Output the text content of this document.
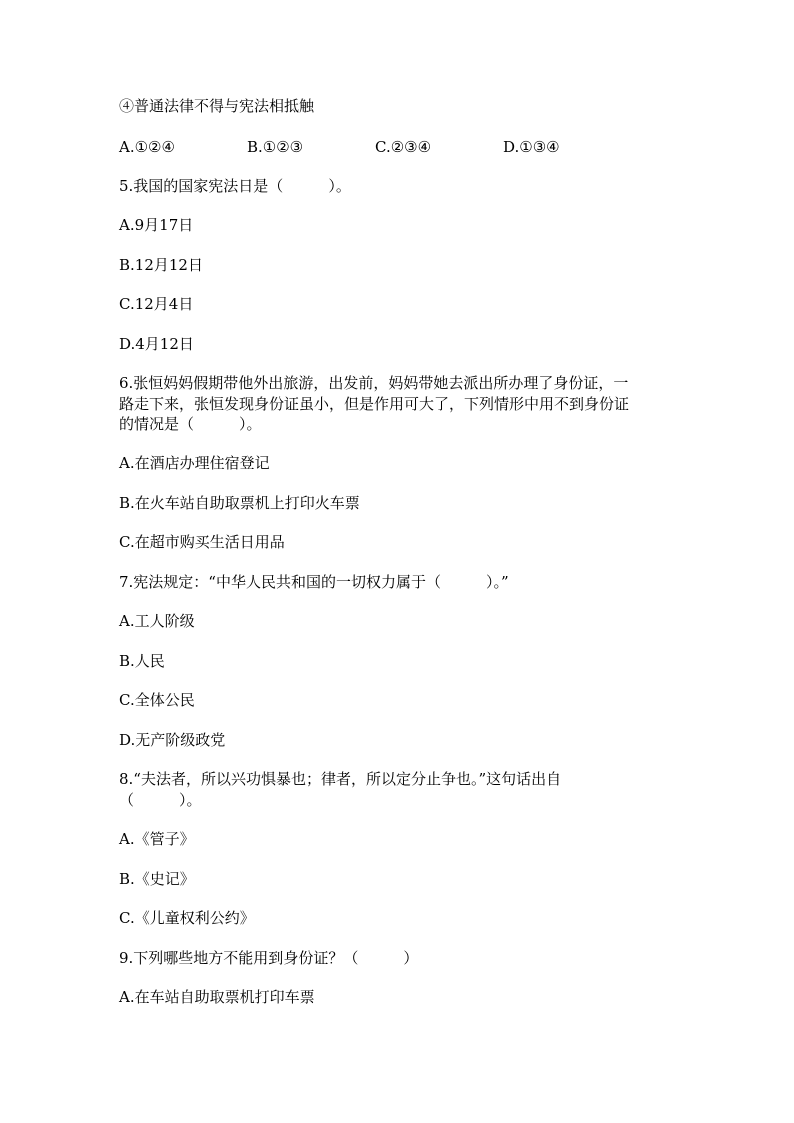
④普通法律不得与宪法相抵触
A.①②④	B.①②③	C.②③④	D.①③④
5.我国的国家宪法日是（　　　）。
A.9月17日
B.12月12日
C.12月4日
D.4月12日
6.张恒妈妈假期带他外出旅游，出发前，妈妈带她去派出所办理了身份证，一
路走下来，张恒发现身份证虽小，但是作用可大了，下列情形中用不到身份证
的情况是（　　　）。
A.在酒店办理住宿登记
B.在火车站自助取票机上打印火车票
C.在超市购买生活日用品
7.宪法规定：“中华人民共和国的一切权力属于（　　　）。”
A.工人阶级
B.人民
C.全体公民
D.无产阶级政党
8.“夫法者，所以兴功惧暴也；律者，所以定分止争也。”这句话出自
（　　　）。
A.《管子》
B.《史记》
C.《儿童权利公约》
9.下列哪些地方不能用到身份证？（　　　）
A.在车站自助取票机打印车票
